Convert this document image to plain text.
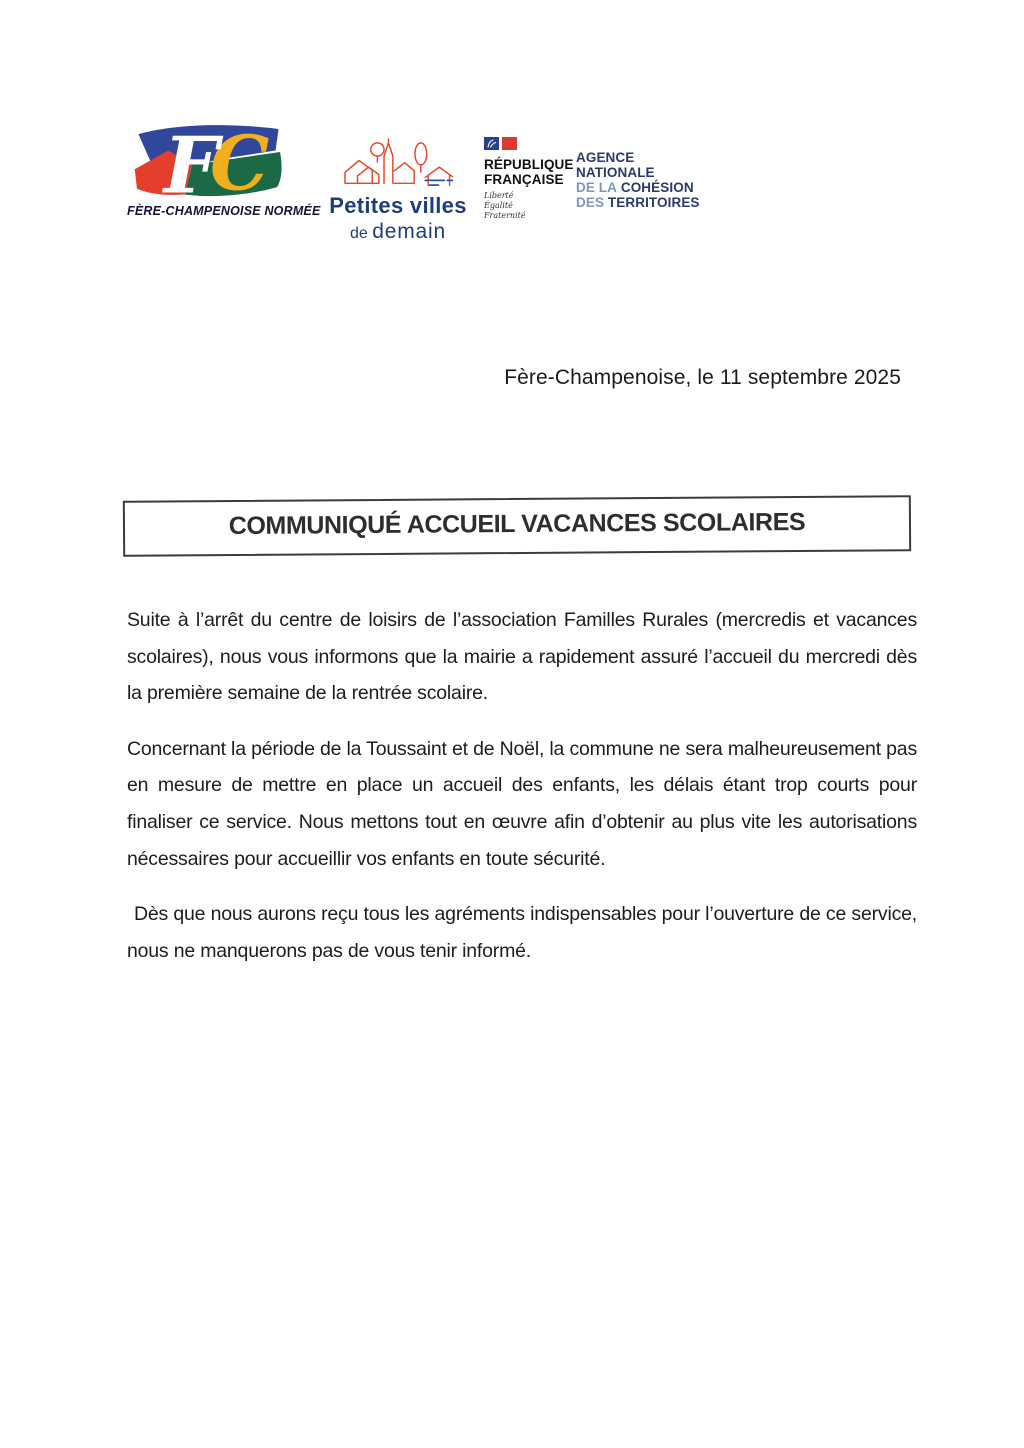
C
F
FÈRE-CHAMPENOISE NORMÉE Petites villes
de demain
RÉPUBLIQUE
FRANÇAISE
Liberté
Égalité
Fraternité
AGENCE
NATIONALE
DE LA COHÉSION
DES TERRITOIRES
Fère-Champenoise, le 11 septembre 2025
COMMUNIQUÉ ACCUEIL VACANCES SCOLAIRES

Suite à l’arrêt du centre de loisirs de l’association Familles Rurales (mercredis et vacances scolaires), nous vous informons que la mairie a rapidement assuré l’accueil du mercredi dès la première semaine de la rentrée scolaire.

Concernant la période de la Toussaint et de Noël, la commune ne sera malheureusement pas en mesure de mettre en place un accueil des enfants, les délais étant trop courts pour finaliser ce service. Nous mettons tout en œuvre afin d’obtenir au plus vite les autorisations nécessaires pour accueillir vos enfants en toute sécurité.

Dès que nous aurons reçu tous les agréments indispensables pour l’ouverture de ce service, nous ne manquerons pas de vous tenir informé.
